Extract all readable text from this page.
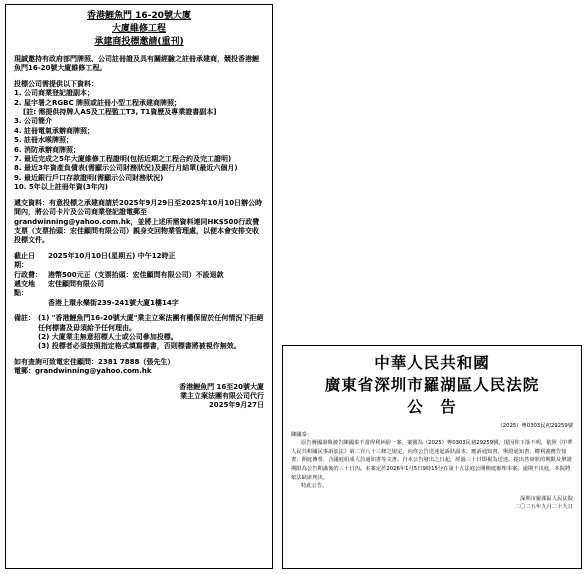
香港鯉魚門 16-20號大廈
大廈維修工程
承建商投標邀請(重刊)

現誠邀持有政府部門牌照、公司註冊證及具有關經驗之註冊承建商，競投香港鯉魚門16-20號大廈維修工程。

投標公司需提供以下資料：

1. 公司商業登記證副本；

2. 屋宇署之RGBC 牌照或註冊小型工程承建商牌照；

[註: 需提供持牌人AS及工程監工T3, T1資歷及專業證書副本]

3. 公司簡介

4. 註冊電氣承辦商牌照；

5. 註冊水喉牌照；

6. 消防承辦商牌照；

7. 最近完成之5年大廈維修工程證明(包括近期之工程合約及完工證明)

8. 最近3年資產負債表(需顯示公司財務狀況)及銀行月結單(最近六個月)

9. 最近銀行戶口存款證明(需顯示公司財務狀況)

10. 5年以上註冊年資(3年內)

遞交資料：有意投標之承建商請於2025年9月29日至2025年10月10日辦公時間內，將公司卡片及公司商業登記證電郵至grandwinning@yahoo.com.hk，並將上述所需資料連同HK$500行政費支票（支票抬頭：宏佳顧問有限公司）親身交回物業管理處，以便本會安排交收投標文件。

截止日期：
2025年10月10日(星期五) 中午12時正
行政費： 港幣500元正（支票抬頭：宏佳顧問有限公司）不設退款
遞交地點：
宏佳顧問有限公司
香港上環永樂街239-241號大廈1樓14字
備註： (1) "香港鯉魚門16-20號大廈"業主立案法團有權保留於任何情況下拒絕任何標書及毋須給予任何理由。

(2) 大廈業主無意招標人士或公司參加投標。

(3) 投標者必須按照指定格式填寫標書，否則標書將被視作無效。

如有查詢可致電宏佳顧問：2381 7888（張先生）

電郵：grandwinning@yahoo.com.hk

香港鯉魚門 16至20號大廈

業主立案法團有限公司代行

2025年9月27日

中華人民共和國
廣東省深圳市羅湖區人民法院
公　告
（2025）粵0303民初29259號
陳國泰：
原告蔣國壽與被告陳國泰不當得利糾紛一案，案號為（2025）粵0303民初29259號，現因你下落不明，依照《中華人民共和國民事訴訟法》第二百八十三條之規定，向你公告送達起訴狀副本、應訴通知書、舉證通知書、權利義務告知書、開庭傳票、合議庭組成人員通知書等文書。自本公告發出之日起，經過三十日即視為送達。提出答辯狀的期限及舉證期限為公告期滿後的三十日內。本案定於2026年1月5日9時15分在第十五法庭公開開庭審理本案。逾期不出庭，本院將依法缺席判決。
特此公告。
深圳市羅湖區人民法院
二〇二五年九月二十九日
